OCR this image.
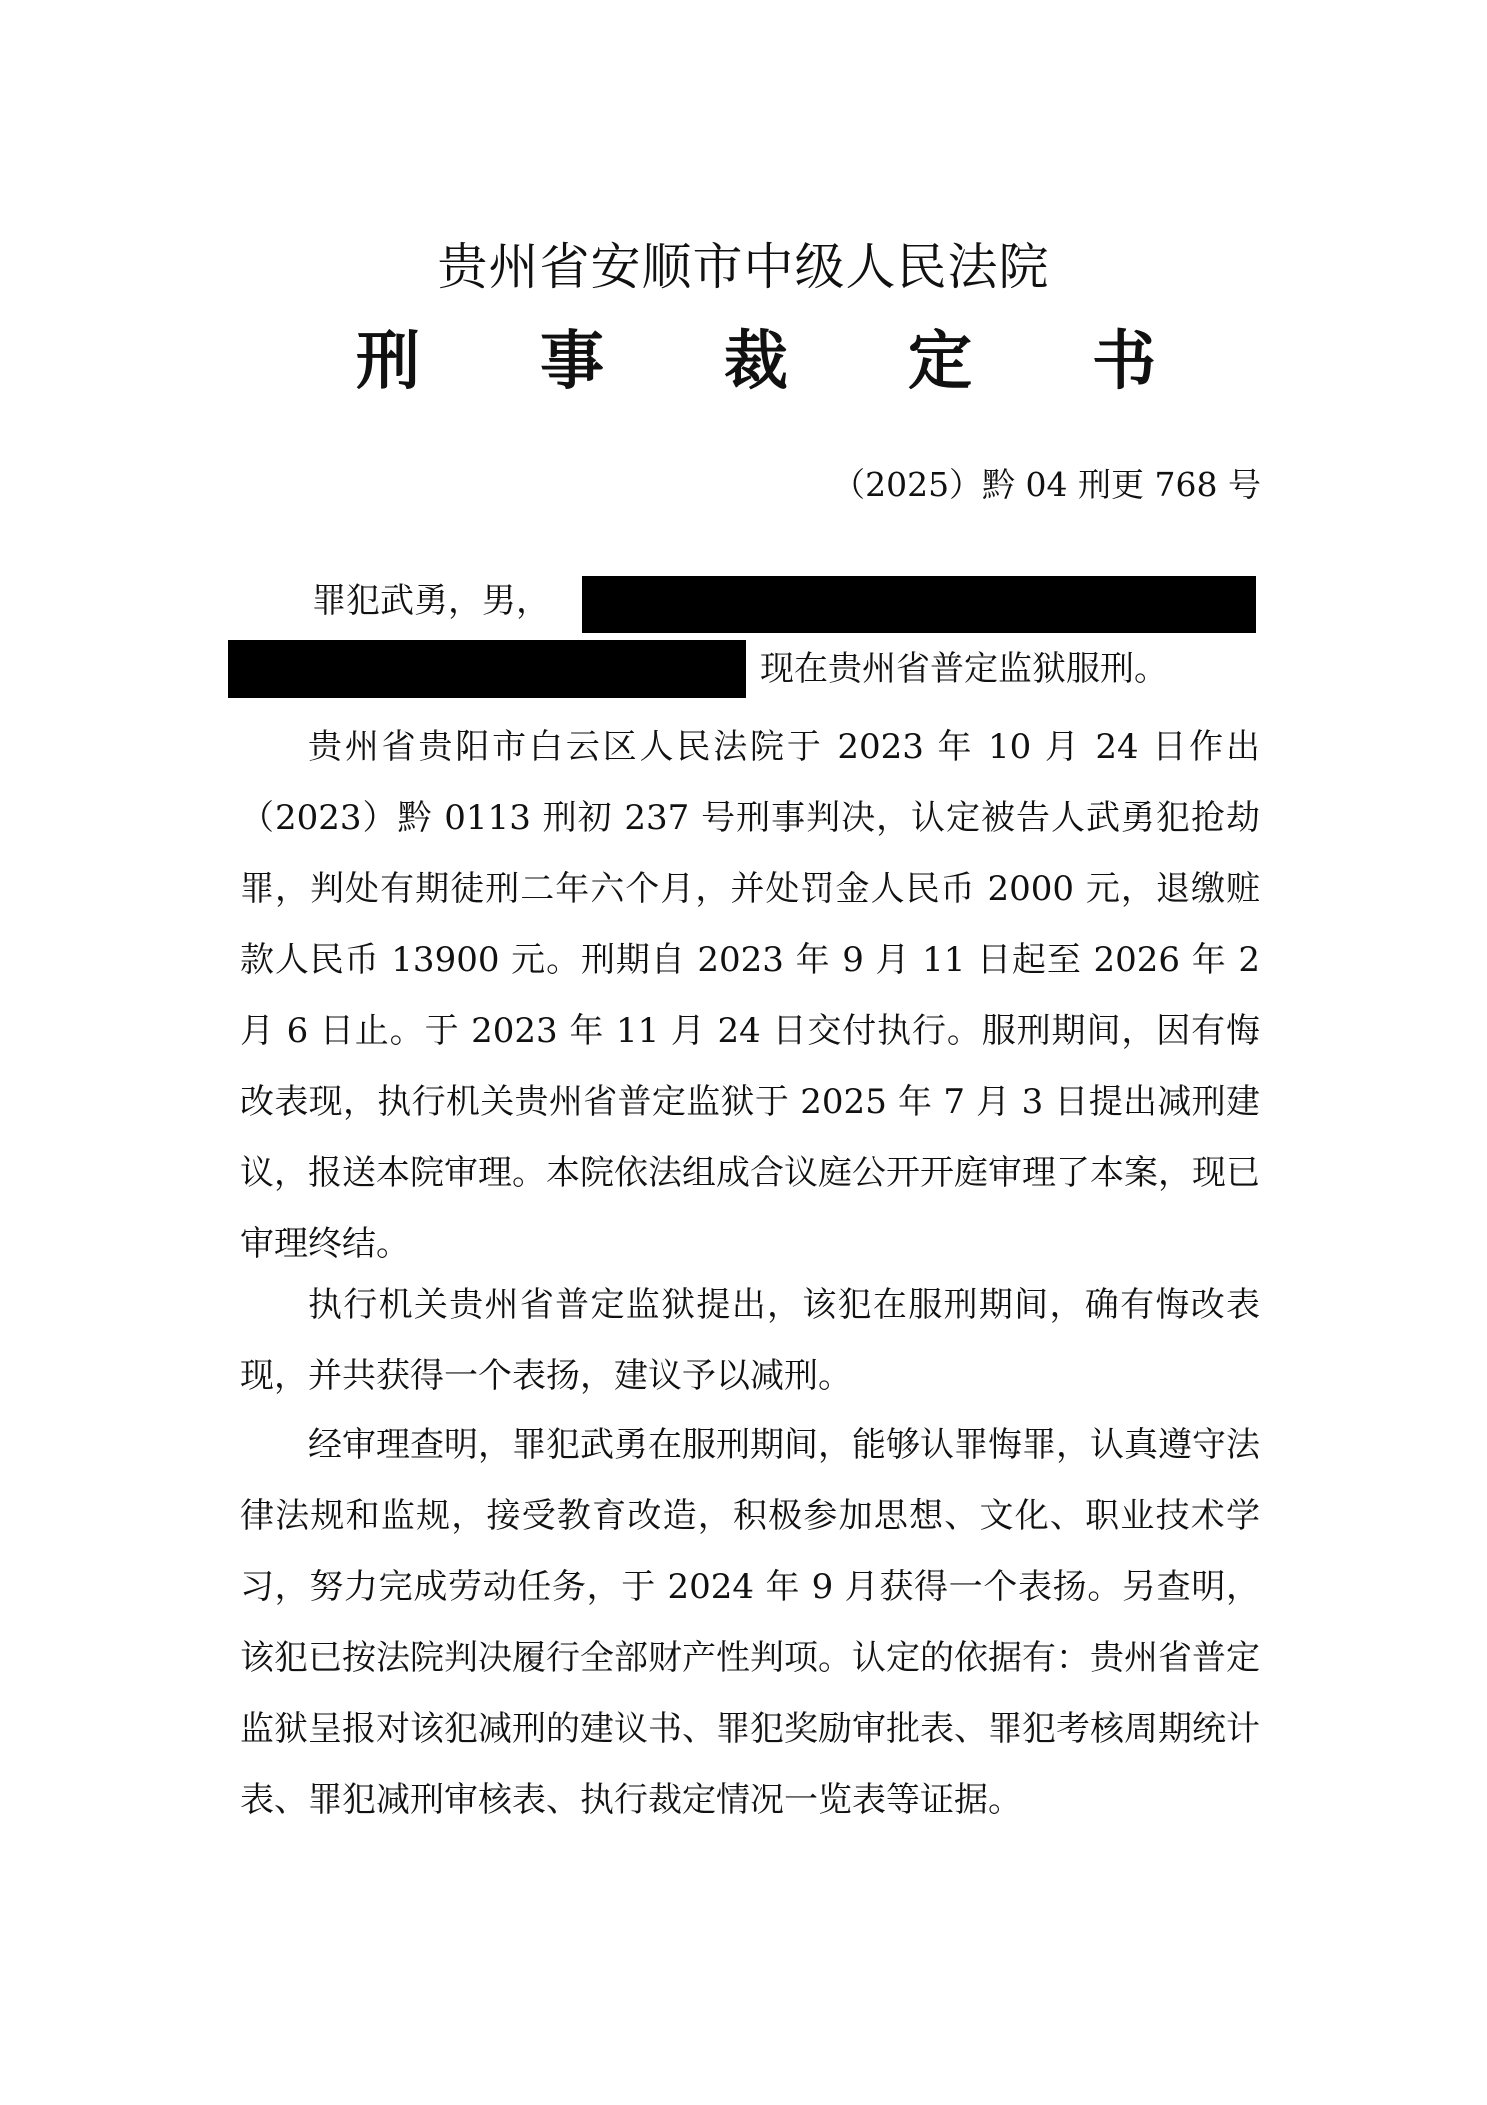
贵州省安顺市中级人民法院
刑 事 裁 定 书
（2025）黔 04 刑更 768 号
罪犯武勇，男，
现在贵州省普定监狱服刑。
贵州省贵阳市白云区人民法院于 2023 年 10 月 24 日作出（2023）黔 0113 刑初 237 号刑事判决，认定被告人武勇犯抢劫罪，判处有期徒刑二年六个月，并处罚金人民币 2000 元，退缴赃款人民币 13900 元。刑期自 2023 年 9 月 11 日起至 2026 年 2 月 6 日止。于 2023 年 11 月 24 日交付执行。服刑期间，因有悔改表现，执行机关贵州省普定监狱于 2025 年 7 月 3 日提出减刑建议，报送本院审理。本院依法组成合议庭公开开庭审理了本案，现已审理终结。
执行机关贵州省普定监狱提出，该犯在服刑期间，确有悔改表现，并共获得一个表扬，建议予以减刑。
经审理查明，罪犯武勇在服刑期间，能够认罪悔罪，认真遵守法律法规和监规，接受教育改造，积极参加思想、文化、职业技术学习，努力完成劳动任务，于 2024 年 9 月获得一个表扬。另查明，该犯已按法院判决履行全部财产性判项。认定的依据有：贵州省普定监狱呈报对该犯减刑的建议书、罪犯奖励审批表、罪犯考核周期统计表、罪犯减刑审核表、执行裁定情况一览表等证据。
